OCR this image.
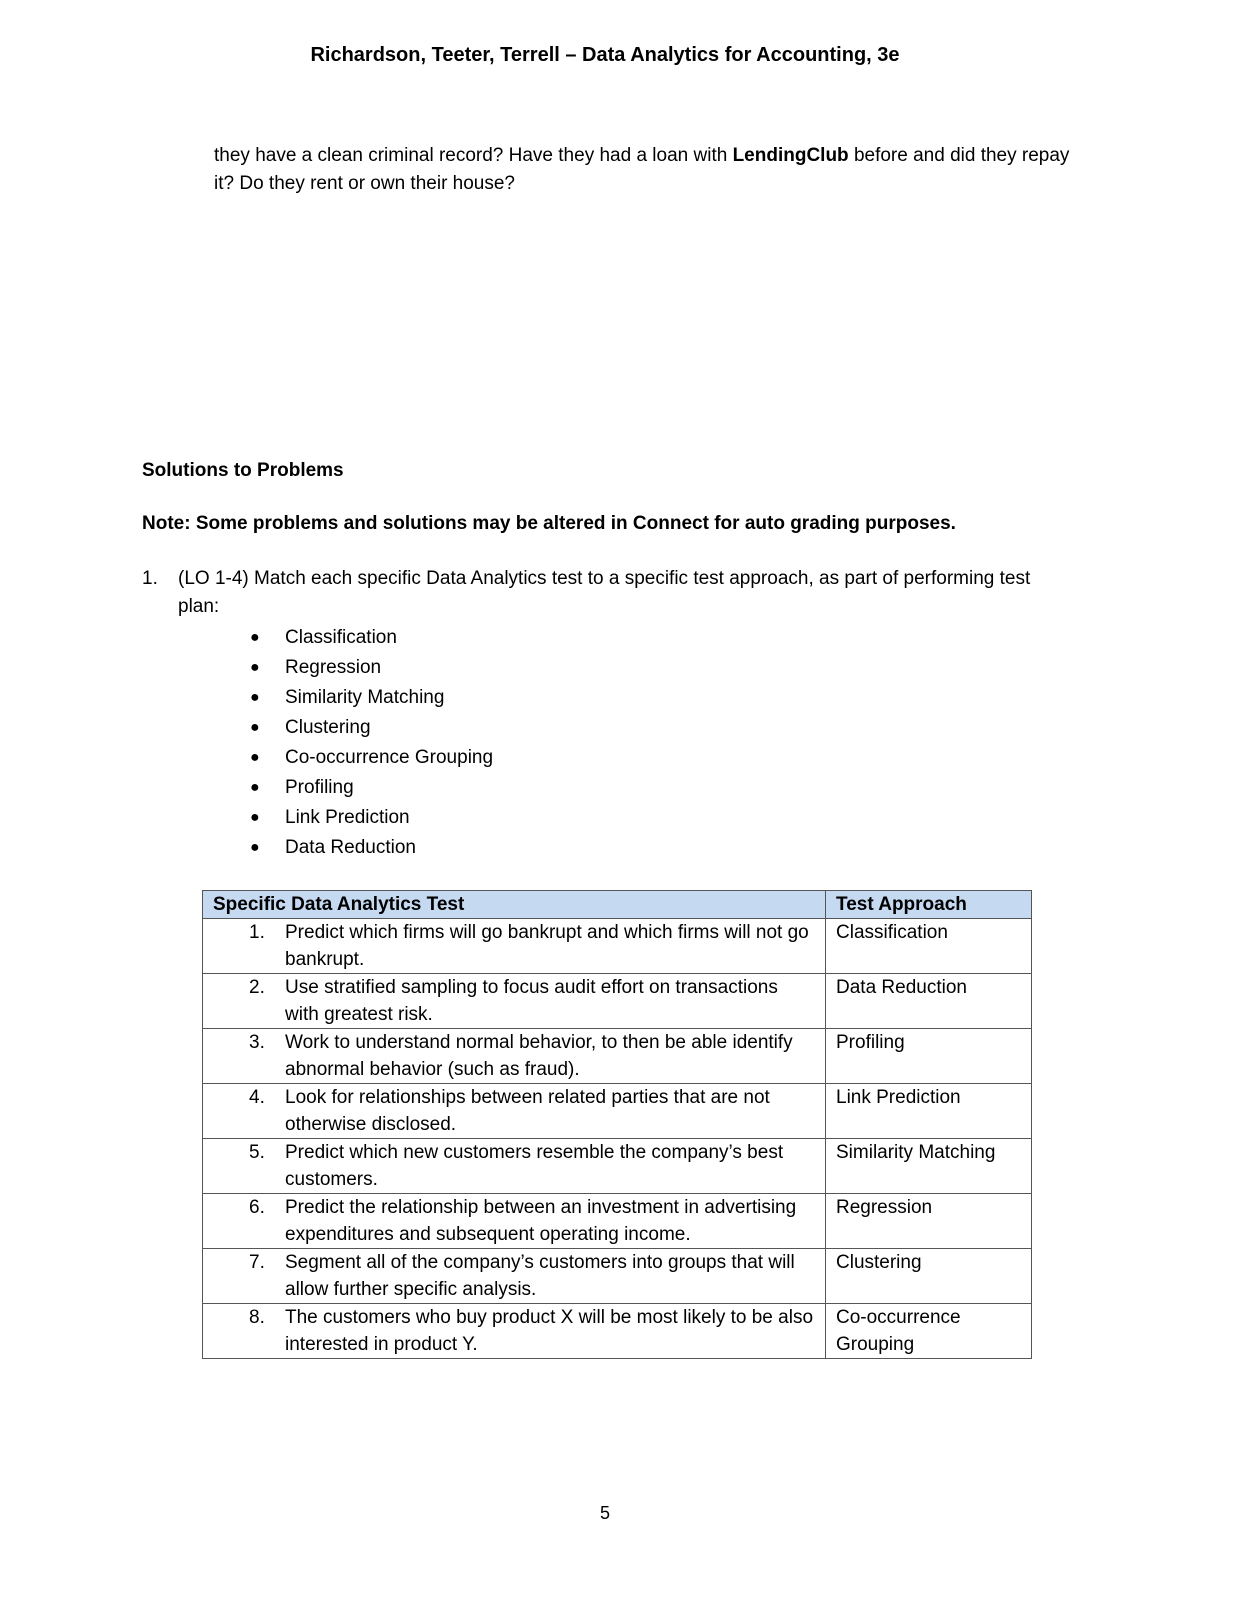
Richardson, Teeter, Terrell – Data Analytics for Accounting, 3e
they have a clean criminal record? Have they had a loan with LendingClub before and did they repay it? Do they rent or own their house?
Solutions to Problems
Note: Some problems and solutions may be altered in Connect for auto grading purposes.
1. (LO 1-4) Match each specific Data Analytics test to a specific test approach, as part of performing test plan:
● Classification
● Regression
● Similarity Matching
● Clustering
● Co-occurrence Grouping
● Profiling
● Link Prediction
● Data Reduction
Specific Data Analytics Test	Test Approach

1. Predict which firms will go bankrupt and which firms will not go bankrupt.	Classification

2. Use stratified sampling to focus audit effort on transactions with greatest risk.	Data Reduction

3. Work to understand normal behavior, to then be able identify abnormal behavior (such as fraud).	Profiling

4. Look for relationships between related parties that are not otherwise disclosed.	Link Prediction

5. Predict which new customers resemble the company’s best customers.	Similarity Matching

6. Predict the relationship between an investment in advertising expenditures and subsequent operating income.	Regression

7. Segment all of the company’s customers into groups that will allow further specific analysis.	Clustering

8. The customers who buy product X will be most likely to be also interested in product Y.	Co-occurrence Grouping
5
